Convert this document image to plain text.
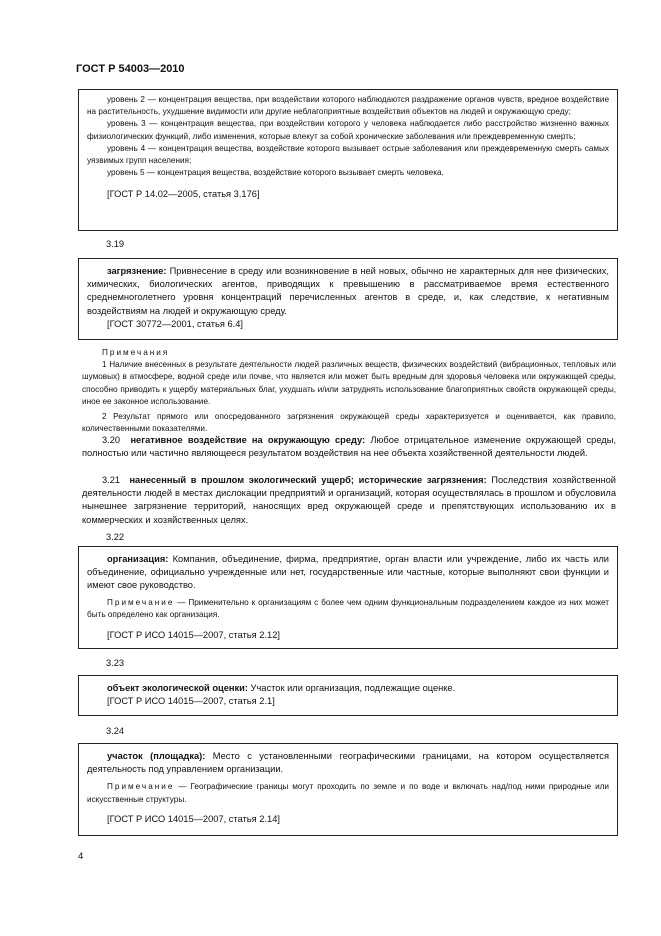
ГОСТ Р 54003—2010

уровень 2 — концентрация вещества, при воздействии которого наблюдаются раздражение органов чувств, вредное воздействие на растительность, ухудшение видимости или другие неблагоприятные воздействия объектов на людей и окружающую среду;

уровень 3 — концентрация вещества, при воздействии которого у человека наблюдается либо расстройство жизненно важных физиологических функций, либо изменения, которые влекут за собой хронические заболевания или преждевременную смерть;

уровень 4 — концентрация вещества, воздействие которого вызывает острые заболевания или преждевременную смерть самых уязвимых групп населения;

уровень 5 — концентрация вещества, воздействие которого вызывает смерть человека.

[ГОСТ Р 14.02—2005, статья 3.176]

3.19

загрязнение: Привнесение в среду или возникновение в ней новых, обычно не характерных для нее физических, химических, биологических агентов, приводящих к превышению в рассматриваемое время естественного среднемноголетнего уровня концентраций перечисленных агентов в среде, и, как следствие, к негативным воздействиям на людей и окружающую среду.

[ГОСТ 30772—2001, статья 6.4]

Примечания

1 Наличие внесенных в результате деятельности людей различных веществ, физических воздействий (вибрационных, тепловых или шумовых) в атмосфере, водной среде или почве, что является или может быть вредным для здоровья человека или окружающей среды, способно приводить к ущербу материальных благ, ухудшать и/или затруднять использование благоприятных свойств окружающей среды, иное ее законное использование.

2 Результат прямого или опосредованного загрязнения окружающей среды характеризуется и оценивается, как правило, количественными показателями.

3.20 негативное воздействие на окружающую среду: Любое отрицательное изменение окружающей среды, полностью или частично являющееся результатом воздействия на нее объекта хозяйственной деятельности людей.

3.21 нанесенный в прошлом экологический ущерб; исторические загрязнения: Последствия хозяйственной деятельности людей в местах дислокации предприятий и организаций, которая осуществлялась в прошлом и обусловила нынешнее загрязнение территорий, наносящих вред окружающей среде и препятствующих использованию их в коммерческих и хозяйственных целях.

3.22

организация: Компания, объединение, фирма, предприятие, орган власти или учреждение, либо их часть или объединение, официально учрежденные или нет, государственные или частные, которые выполняют свои функции и имеют свое руководство.

Примечание — Применительно к организациям с более чем одним функциональным подразделением каждое из них может быть определено как организация.

[ГОСТ Р ИСО 14015—2007, статья 2.12]

3.23

объект экологической оценки: Участок или организация, подлежащие оценке.

[ГОСТ Р ИСО 14015—2007, статья 2.1]

3.24

участок (площадка): Место с установленными географическими границами, на котором осуществляется деятельность под управлением организации.

Примечание — Географические границы могут проходить по земле и по воде и включать над/под ними природные или искусственные структуры.

[ГОСТ Р ИСО 14015—2007, статья 2.14]

4
